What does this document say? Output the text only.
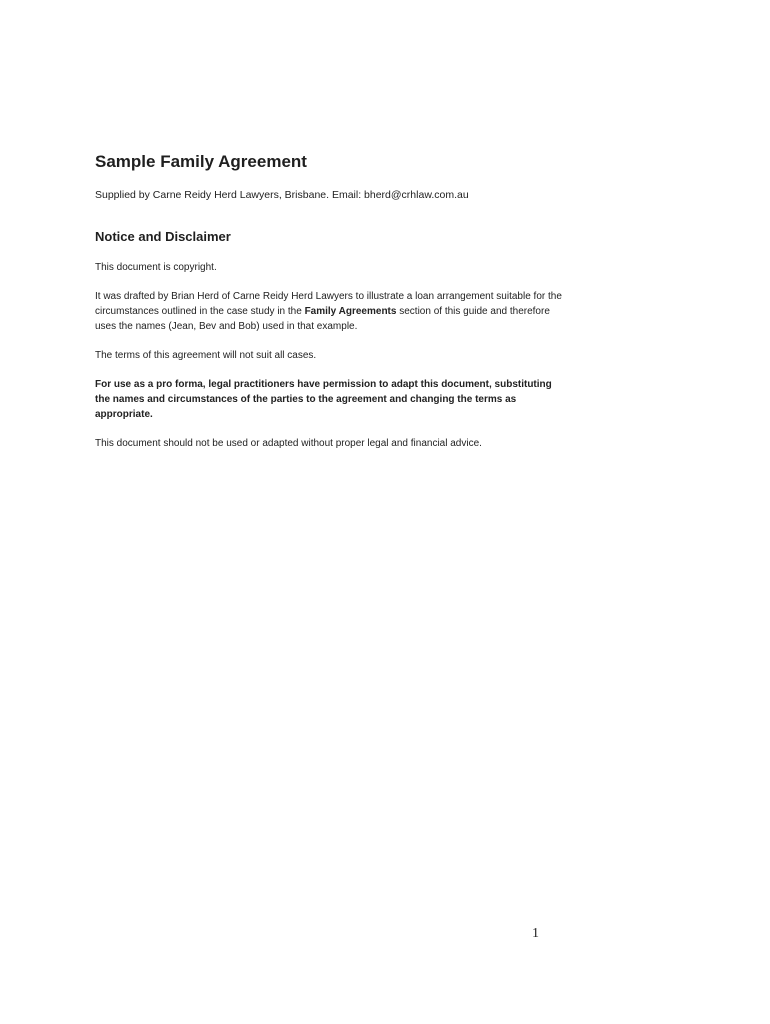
Sample Family Agreement

Supplied by Carne Reidy Herd Lawyers, Brisbane. Email: bherd@crhlaw.com.au

Notice and Disclaimer

This document is copyright.

It was drafted by Brian Herd of Carne Reidy Herd Lawyers to illustrate a loan arrangement suitable for the circumstances outlined in the case study in the Family Agreements section of this guide and therefore uses the names (Jean, Bev and Bob) used in that example.

The terms of this agreement will not suit all cases.

For use as a pro forma, legal practitioners have permission to adapt this document, substituting the names and circumstances of the parties to the agreement and changing the terms as appropriate.

This document should not be used or adapted without proper legal and financial advice.

1
